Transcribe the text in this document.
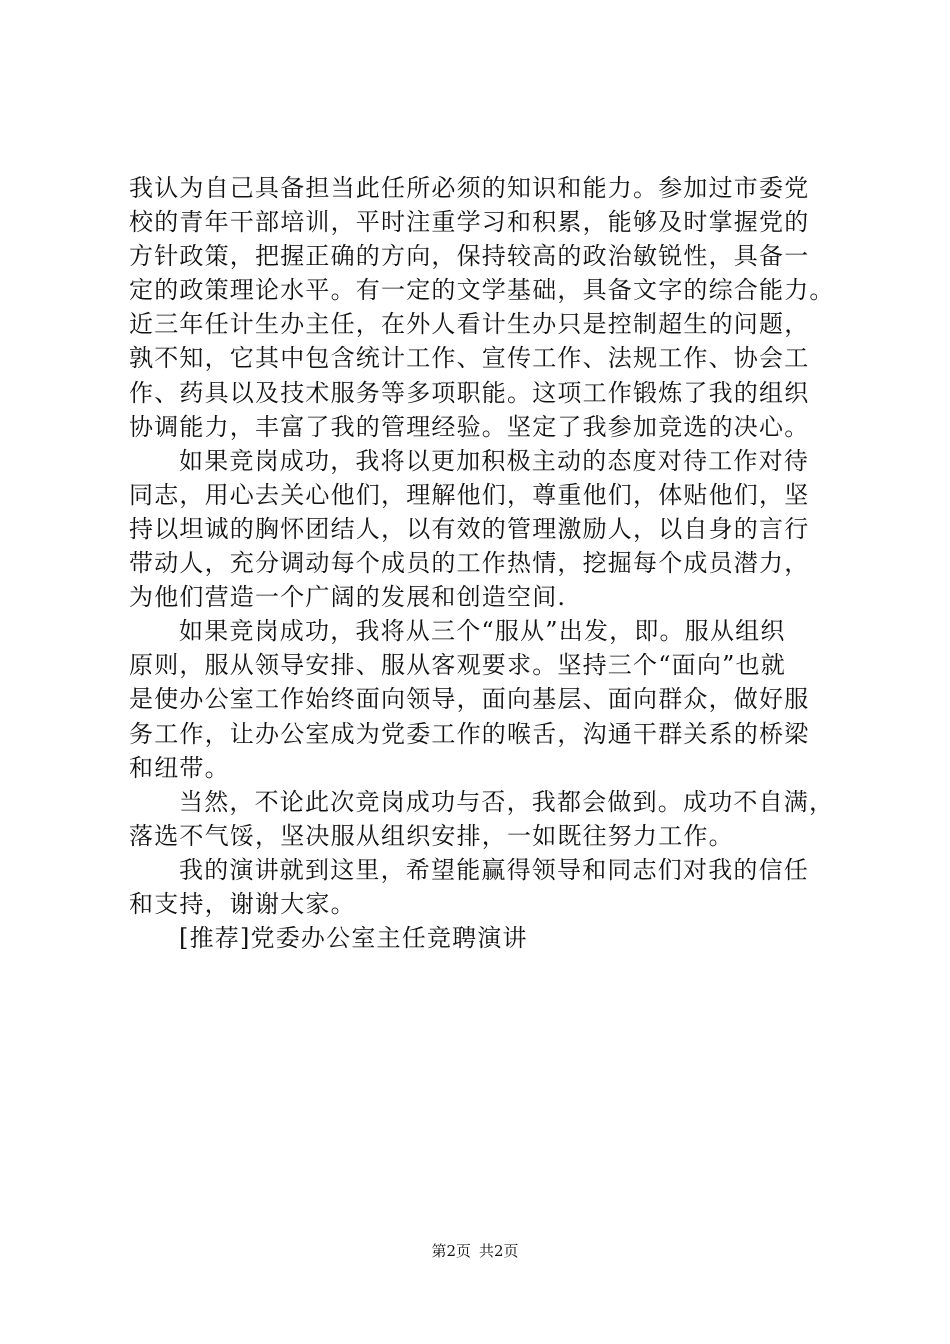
我认为自己具备担当此任所必须的知识和能力。参加过市委党
校的青年干部培训，平时注重学习和积累，能够及时掌握党的
方针政策，把握正确的方向，保持较高的政治敏锐性，具备一
定的政策理论水平。有一定的文学基础，具备文字的综合能力。
近三年任计生办主任，在外人看计生办只是控制超生的问题，
孰不知，它其中包含统计工作、宣传工作、法规工作、协会工
作、药具以及技术服务等多项职能。这项工作锻炼了我的组织
协调能力，丰富了我的管理经验。坚定了我参加竞选的决心。
如果竞岗成功，我将以更加积极主动的态度对待工作对待
同志，用心去关心他们，理解他们，尊重他们，体贴他们，坚
持以坦诚的胸怀团结人，以有效的管理激励人，以自身的言行
带动人，充分调动每个成员的工作热情，挖掘每个成员潜力，
为他们营造一个广阔的发展和创造空间.
如果竞岗成功，我将从三个“服从”出发，即。服从组织
原则，服从领导安排、服从客观要求。坚持三个“面向”也就
是使办公室工作始终面向领导，面向基层、面向群众，做好服
务工作，让办公室成为党委工作的喉舌，沟通干群关系的桥梁
和纽带。
当然，不论此次竞岗成功与否，我都会做到。成功不自满，
落选不气馁，坚决服从组织安排，一如既往努力工作。
我的演讲就到这里，希望能赢得领导和同志们对我的信任
和支持，谢谢大家。
[推荐]党委办公室主任竞聘演讲
第2页 共2页
